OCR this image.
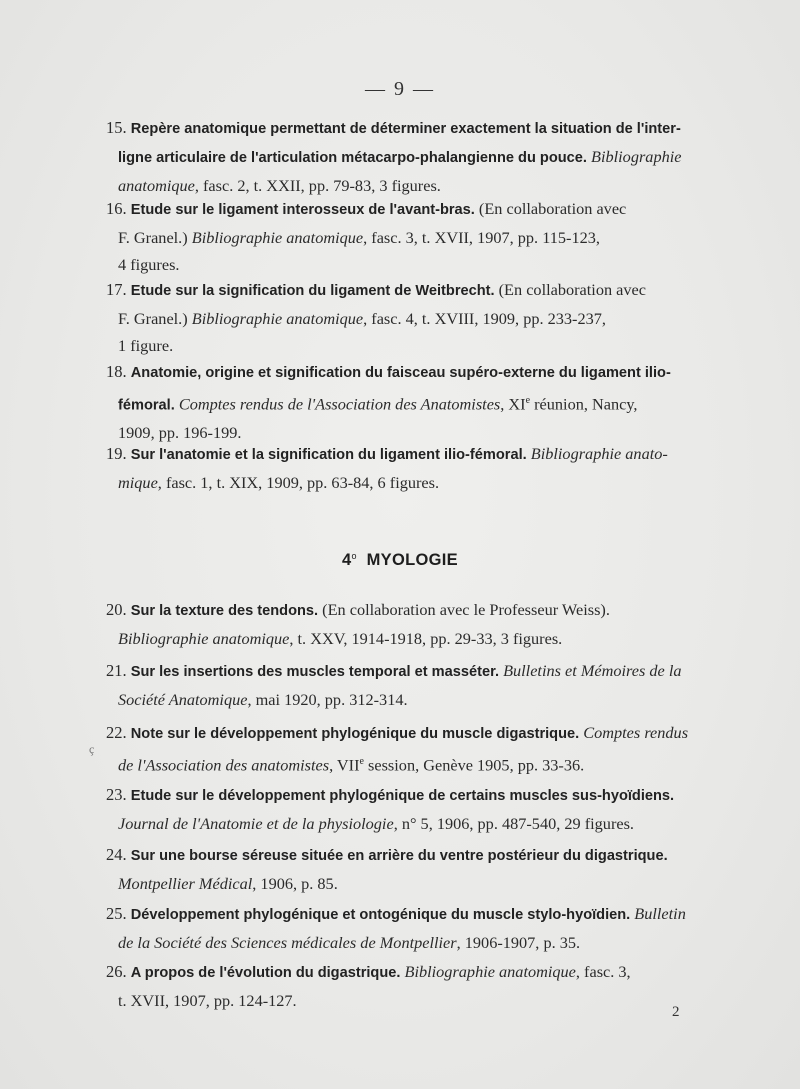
— 9 —
15. Repère anatomique permettant de déterminer exactement la situation de l'inter-
ligne articulaire de l'articulation métacarpo-phalangienne du pouce. Bibliographie
anatomique, fasc. 2, t. XXII, pp. 79-83, 3 figures.
16. Etude sur le ligament interosseux de l'avant-bras. (En collaboration avec
F. Granel.) Bibliographie anatomique, fasc. 3, t. XVII, 1907, pp. 115-123,
4 figures.
17. Etude sur la signification du ligament de Weitbrecht. (En collaboration avec
F. Granel.) Bibliographie anatomique, fasc. 4, t. XVIII, 1909, pp. 233-237,
1 figure.
18. Anatomie, origine et signification du faisceau supéro-externe du ligament ilio-
fémoral. Comptes rendus de l'Association des Anatomistes, XIe réunion, Nancy,
1909, pp. 196-199.
19. Sur l'anatomie et la signification du ligament ilio-fémoral. Bibliographie anato-
mique, fasc. 1, t. XIX, 1909, pp. 63-84, 6 figures.
4$^o$ MYOLOGIE
20. Sur la texture des tendons. (En collaboration avec le Professeur Weiss).
Bibliographie anatomique, t. XXV, 1914-1918, pp. 29-33, 3 figures.
21. Sur les insertions des muscles temporal et masséter. Bulletins et Mémoires de la
Société Anatomique, mai 1920, pp. 312-314.
22. Note sur le développement phylogénique du muscle digastrique. Comptes rendus
de l'Association des anatomistes, VIIe session, Genève 1905, pp. 33-36.
23. Etude sur le développement phylogénique de certains muscles sus-hyoïdiens.
Journal de l'Anatomie et de la physiologie, n° 5, 1906, pp. 487-540, 29 figures.
24. Sur une bourse séreuse située en arrière du ventre postérieur du digastrique.
Montpellier Médical, 1906, p. 85.
25. Développement phylogénique et ontogénique du muscle stylo-hyoïdien. Bulletin
de la Société des Sciences médicales de Montpellier, 1906-1907, p. 35.
26. A propos de l'évolution du digastrique. Bibliographie anatomique, fasc. 3,
t. XVII, 1907, pp. 124-127.
2
ç
